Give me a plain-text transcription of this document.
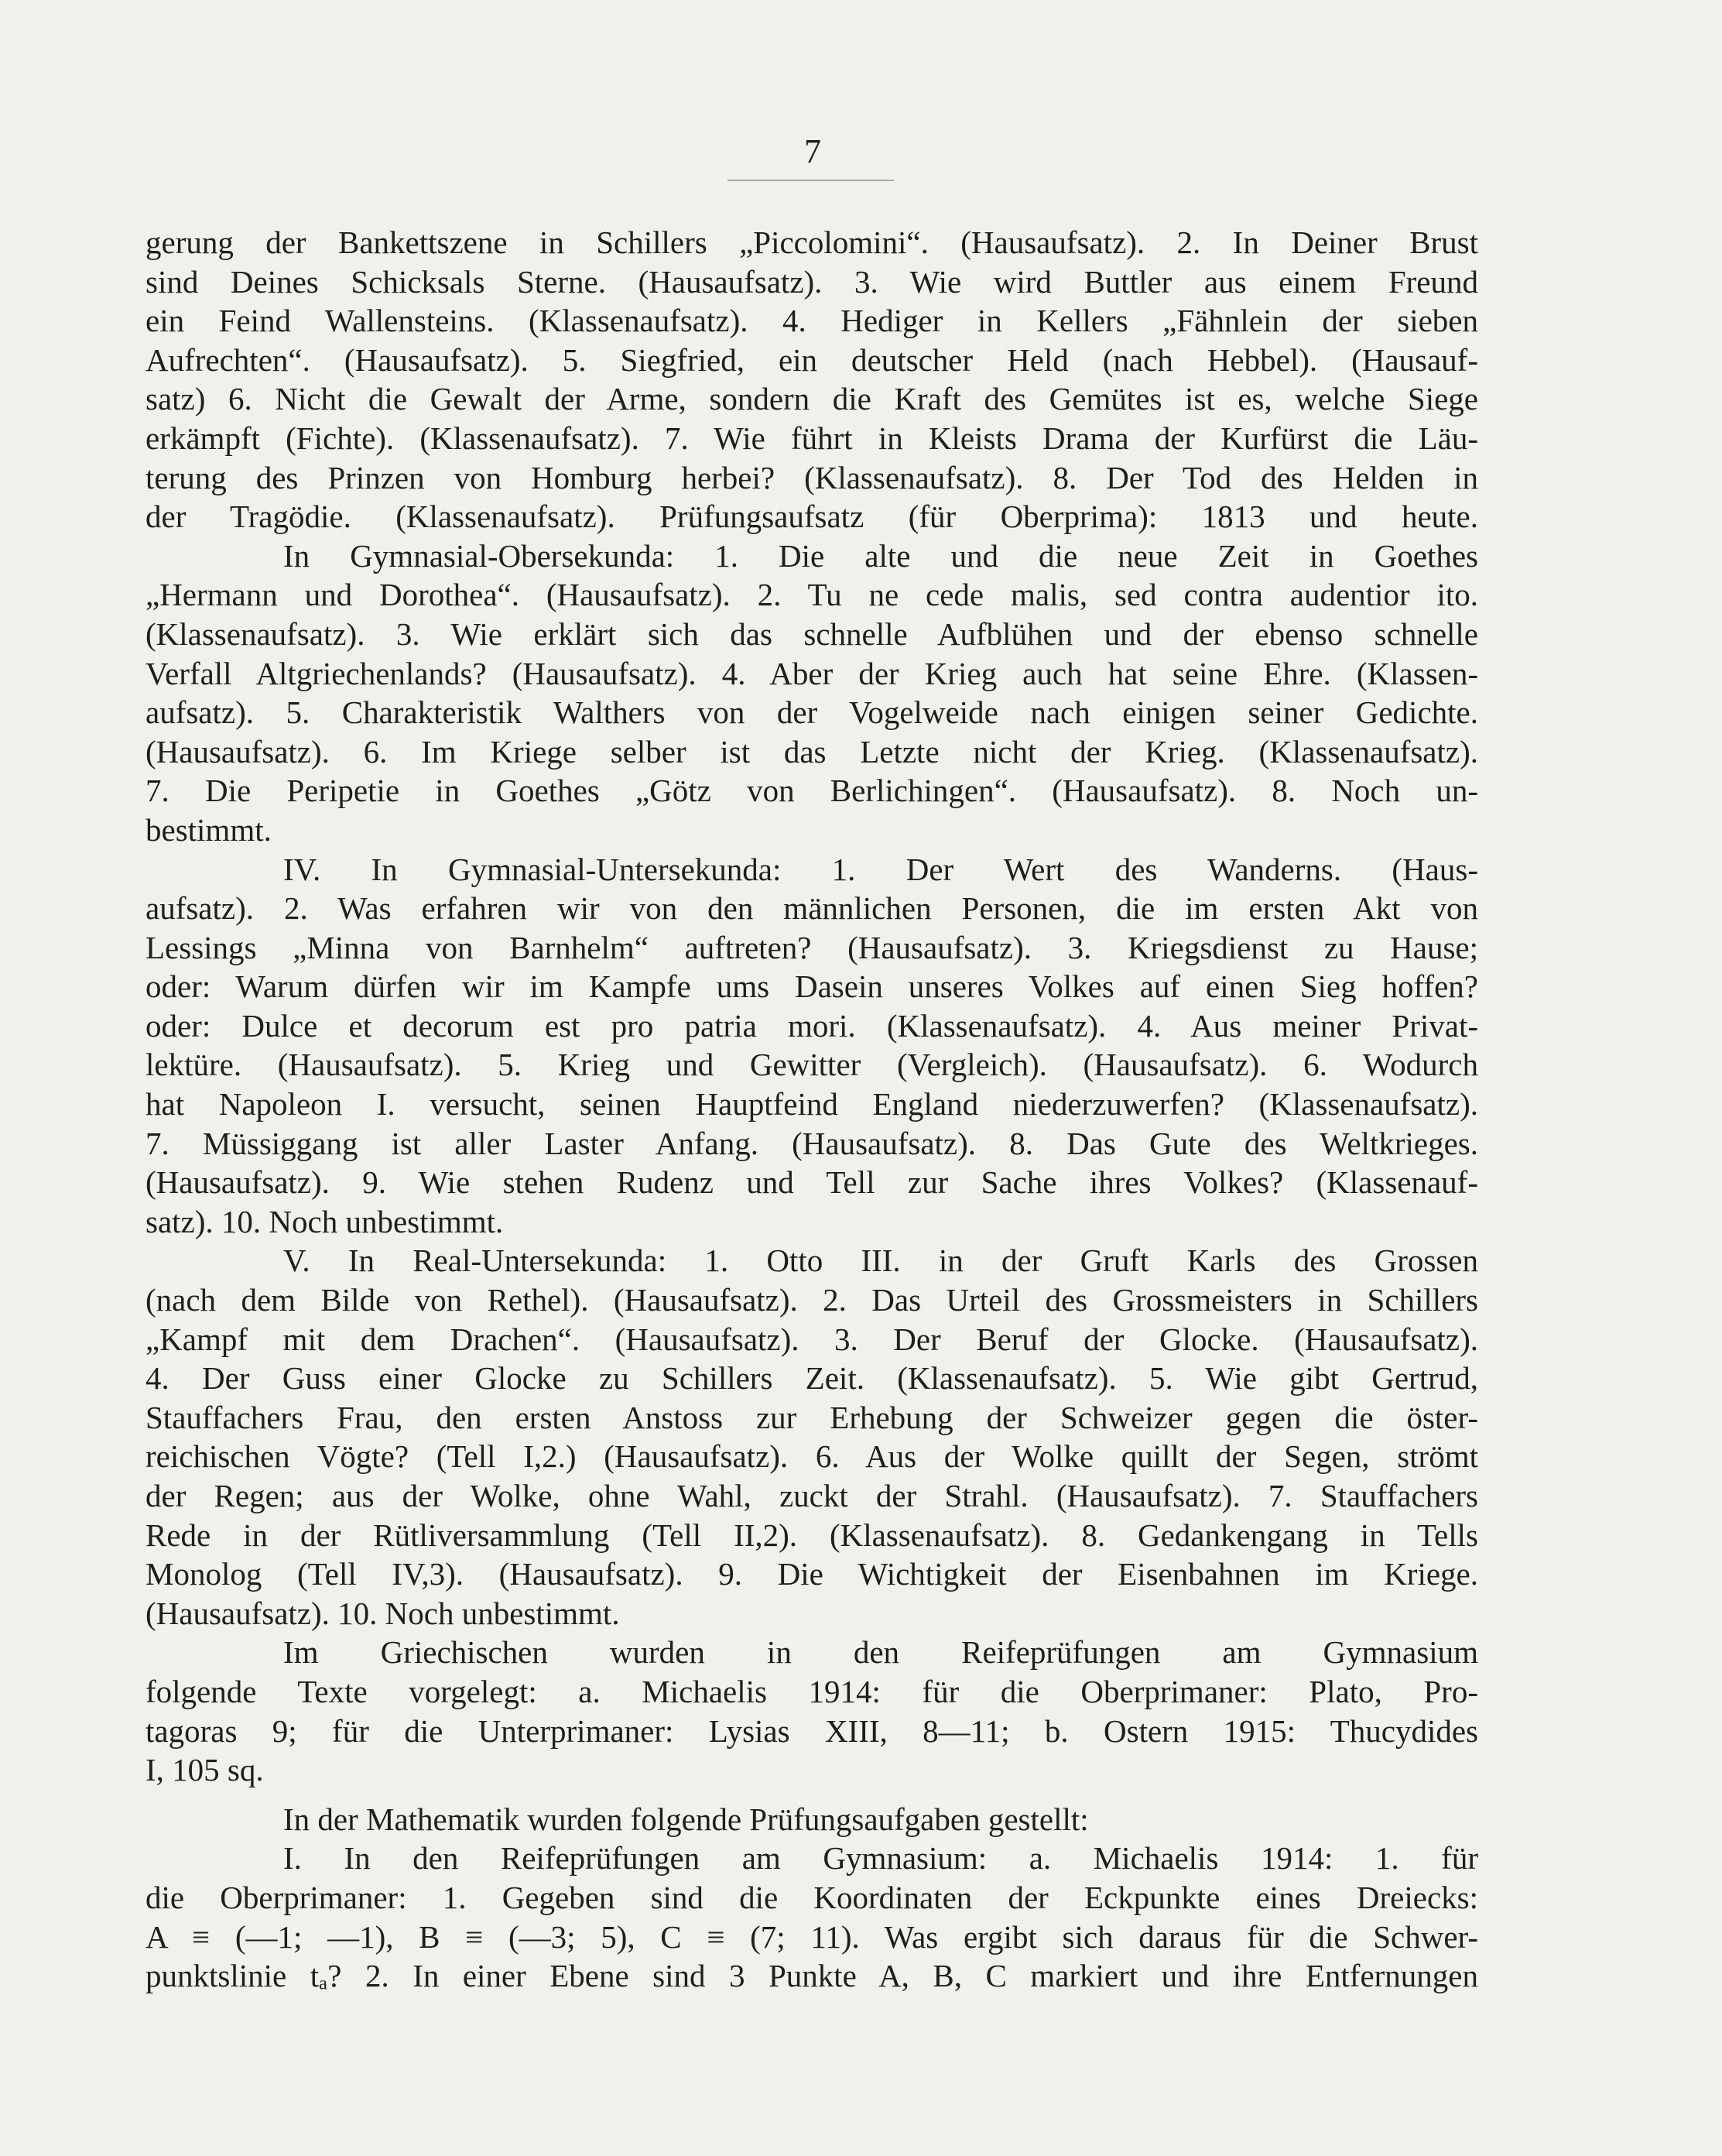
7
gerung der Bankettszene in Schillers „Piccolomini“. (Hausaufsatz). 2. In Deiner Brust
sind Deines Schicksals Sterne. (Hausaufsatz). 3. Wie wird Buttler aus einem Freund
ein Feind Wallensteins. (Klassenaufsatz). 4. Hediger in Kellers „Fähnlein der sieben
Aufrechten“. (Hausaufsatz). 5. Siegfried, ein deutscher Held (nach Hebbel). (Hausauf-
satz) 6. Nicht die Gewalt der Arme, sondern die Kraft des Gemütes ist es, welche Siege
erkämpft (Fichte). (Klassenaufsatz). 7. Wie führt in Kleists Drama der Kurfürst die Läu-
terung des Prinzen von Homburg herbei? (Klassenaufsatz). 8. Der Tod des Helden in
der Tragödie. (Klassenaufsatz). Prüfungsaufsatz (für Oberprima): 1813 und heute.
In Gymnasial-Obersekunda: 1. Die alte und die neue Zeit in Goethes
„Hermann und Dorothea“. (Hausaufsatz). 2. Tu ne cede malis, sed contra audentior ito.
(Klassenaufsatz). 3. Wie erklärt sich das schnelle Aufblühen und der ebenso schnelle
Verfall Altgriechenlands? (Hausaufsatz). 4. Aber der Krieg auch hat seine Ehre. (Klassen-
aufsatz). 5. Charakteristik Walthers von der Vogelweide nach einigen seiner Gedichte.
(Hausaufsatz). 6. Im Kriege selber ist das Letzte nicht der Krieg. (Klassenaufsatz).
7. Die Peripetie in Goethes „Götz von Berlichingen“. (Hausaufsatz). 8. Noch un-
bestimmt.
IV. In Gymnasial-Untersekunda: 1. Der Wert des Wanderns. (Haus-
aufsatz). 2. Was erfahren wir von den männlichen Personen, die im ersten Akt von
Lessings „Minna von Barnhelm“ auftreten? (Hausaufsatz). 3. Kriegsdienst zu Hause;
oder: Warum dürfen wir im Kampfe ums Dasein unseres Volkes auf einen Sieg hoffen?
oder: Dulce et decorum est pro patria mori. (Klassenaufsatz). 4. Aus meiner Privat-
lektüre. (Hausaufsatz). 5. Krieg und Gewitter (Vergleich). (Hausaufsatz). 6. Wodurch
hat Napoleon I. versucht, seinen Hauptfeind England niederzuwerfen? (Klassenaufsatz).
7. Müssiggang ist aller Laster Anfang. (Hausaufsatz). 8. Das Gute des Weltkrieges.
(Hausaufsatz). 9. Wie stehen Rudenz und Tell zur Sache ihres Volkes? (Klassenauf-
satz). 10. Noch unbestimmt.
V. In Real-Untersekunda: 1. Otto III. in der Gruft Karls des Grossen
(nach dem Bilde von Rethel). (Hausaufsatz). 2. Das Urteil des Grossmeisters in Schillers
„Kampf mit dem Drachen“. (Hausaufsatz). 3. Der Beruf der Glocke. (Hausaufsatz).
4. Der Guss einer Glocke zu Schillers Zeit. (Klassenaufsatz). 5. Wie gibt Gertrud,
Stauffachers Frau, den ersten Anstoss zur Erhebung der Schweizer gegen die öster-
reichischen Vögte? (Tell I,2.) (Hausaufsatz). 6. Aus der Wolke quillt der Segen, strömt
der Regen; aus der Wolke, ohne Wahl, zuckt der Strahl. (Hausaufsatz). 7. Stauffachers
Rede in der Rütliversammlung (Tell II,2). (Klassenaufsatz). 8. Gedankengang in Tells
Monolog (Tell IV,3). (Hausaufsatz). 9. Die Wichtigkeit der Eisenbahnen im Kriege.
(Hausaufsatz). 10. Noch unbestimmt.
Im Griechischen wurden in den Reifeprüfungen am Gymnasium
folgende Texte vorgelegt: a. Michaelis 1914: für die Oberprimaner: Plato, Pro-
tagoras 9; für die Unterprimaner: Lysias XIII, 8—11; b. Ostern 1915: Thucydides
I, 105 sq.
In der Mathematik wurden folgende Prüfungsaufgaben gestellt:
I. In den Reifeprüfungen am Gymnasium: a. Michaelis 1914: 1. für
die Oberprimaner: 1. Gegeben sind die Koordinaten der Eckpunkte eines Dreiecks:
A ≡ (—1; —1), B ≡ (—3; 5), C ≡ (7; 11). Was ergibt sich daraus für die Schwer-
punktslinie tₐ? 2. In einer Ebene sind 3 Punkte A, B, C markiert und ihre Entfernungen
